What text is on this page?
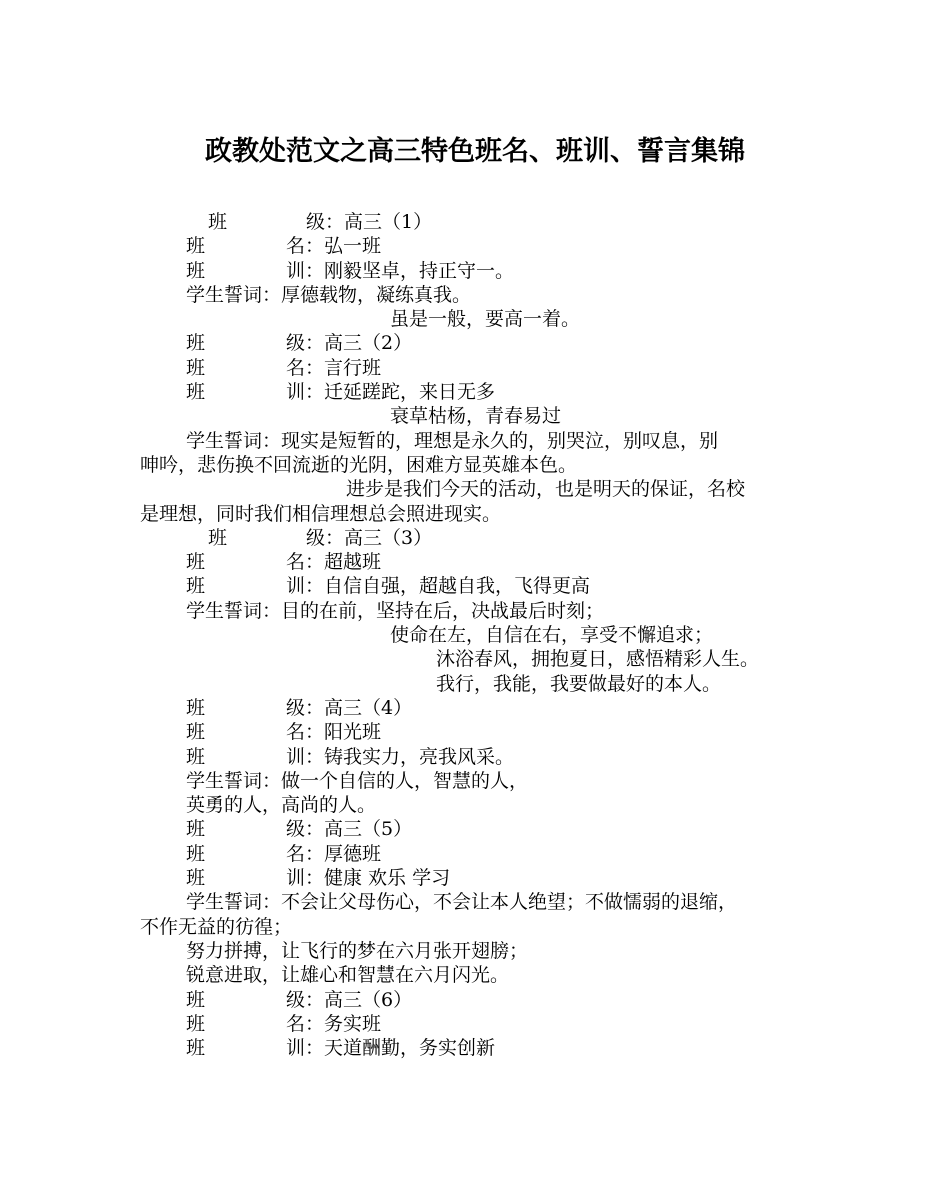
政教处范文之高三特色班名、班训、誓言集锦
班	级：高三（1）
班	名：弘一班
班	训：刚毅坚卓，持正守一。
学生誓词：厚德载物，凝练真我。
虽是一般，要高一着。
班	级：高三（2）
班	名：言行班
班	训：迁延蹉跎，来日无多
衰草枯杨，青春易过
学生誓词：现实是短暂的，理想是永久的，别哭泣，别叹息，别
呻吟，悲伤换不回流逝的光阴，困难方显英雄本色。
进步是我们今天的活动，也是明天的保证，名校
是理想，同时我们相信理想总会照进现实。
班	级：高三（3）
班	名：超越班
班	训：自信自强，超越自我，飞得更高
学生誓词：目的在前，坚持在后，决战最后时刻；
使命在左，自信在右，享受不懈追求；
沐浴春风，拥抱夏日，感悟精彩人生。
我行，我能，我要做最好的本人。
班	级：高三（4）
班	名：阳光班
班	训：铸我实力，亮我风采。
学生誓词：做一个自信的人，智慧的人，
英勇的人，高尚的人。
班	级：高三（5）
班	名：厚德班
班	训：健康 欢乐 学习
学生誓词：不会让父母伤心，不会让本人绝望；不做懦弱的退缩，
不作无益的彷徨；
努力拼搏，让飞行的梦在六月张开翅膀；
锐意进取，让雄心和智慧在六月闪光。
班	级：高三（6）
班	名：务实班
班	训：天道酬勤，务实创新
